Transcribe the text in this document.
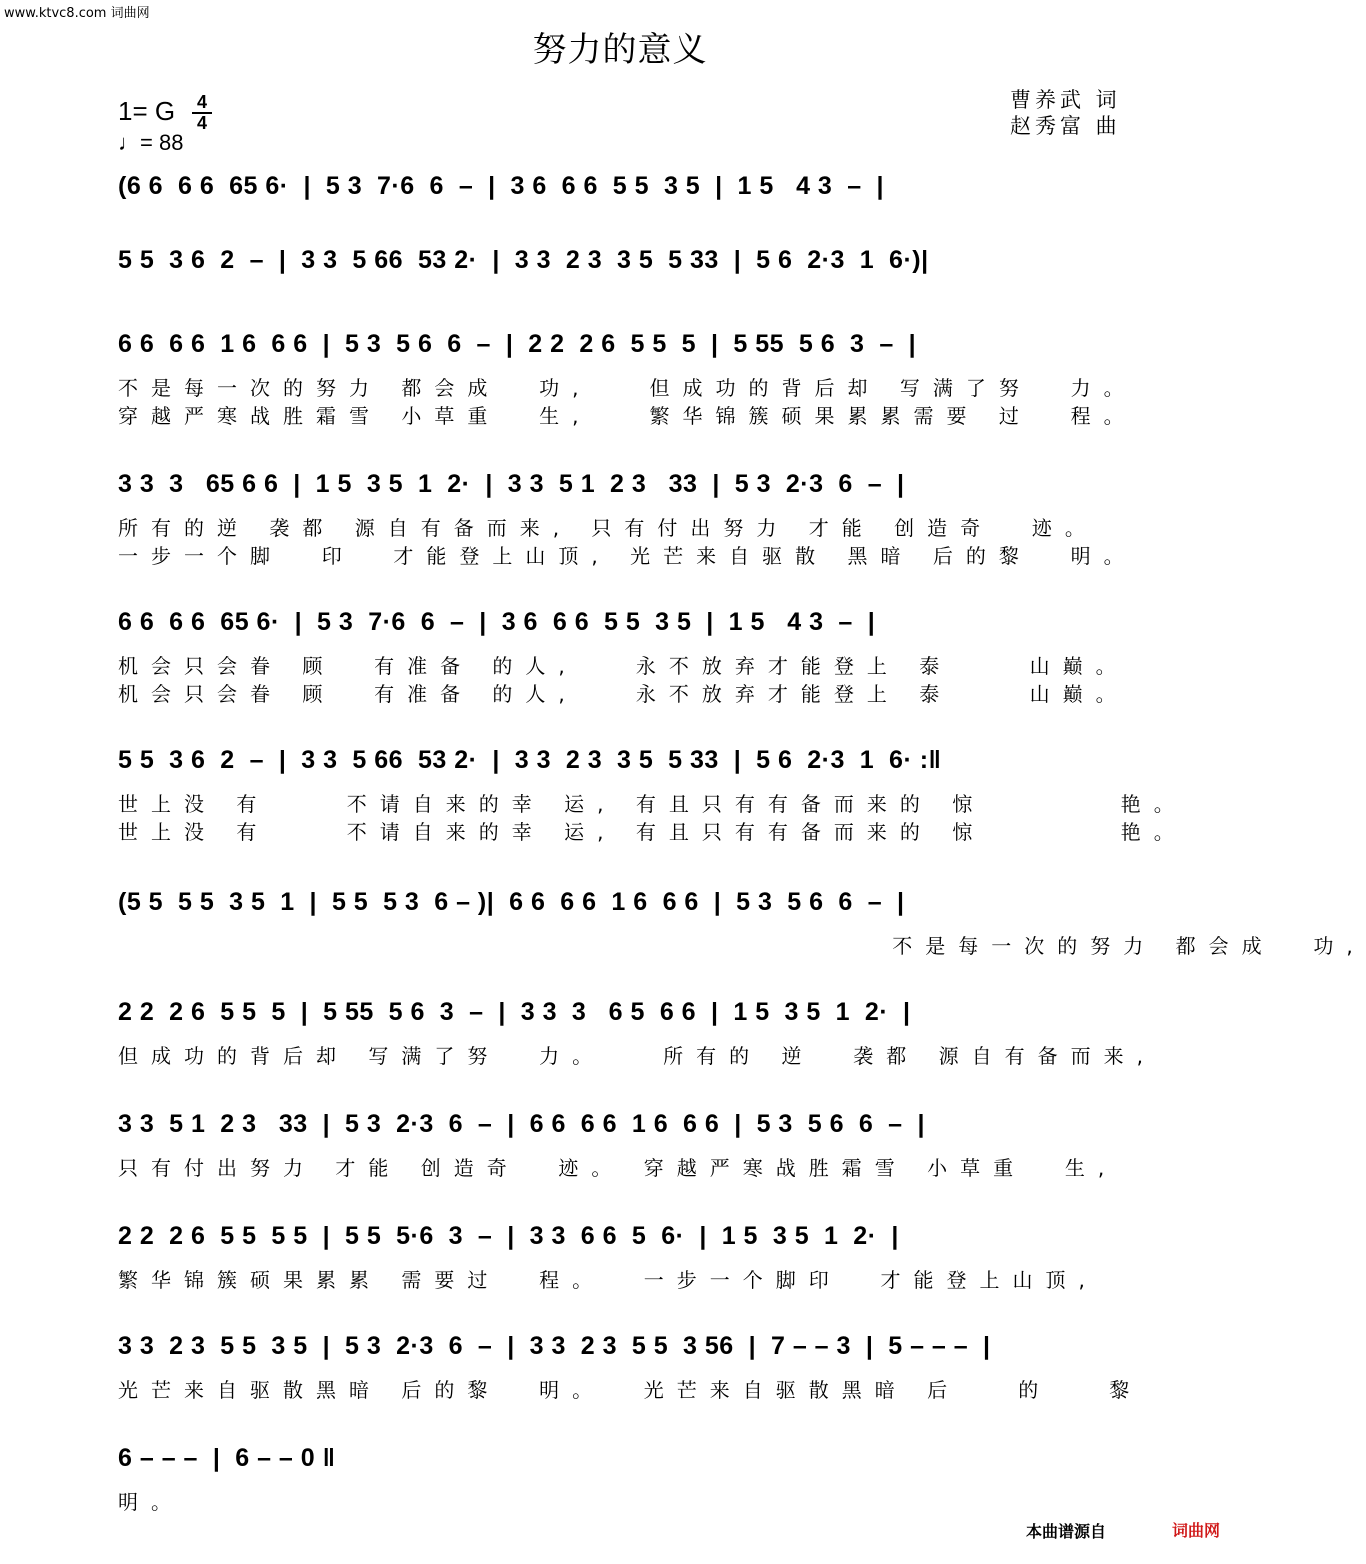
www.ktvc8.com 词曲网
努力的意义
1= G	4
4
♩= 88
曹养武 词
赵秀富 曲
(6 6  6 6  65 6·  |  5 3  7·6  6  –  |  3 6  6 6  5 5  3 5  |  1 5   4 3  –  |
5 5  3 6  2  –  |  3 3  5 66  53 2·  |  3 3  2 3  3 5  5 33  |  5 6  2·3  1  6·)|
6 6  6 6  1 6  6 6  |  5 3  5 6  6  –  |  2 2  2 6  5 5  5  |  5 55  5 6  3  –  |
不是每一次的努力 都会成  功,   但成功的背后却 写满了努  力。
穿越严寒战胜霜雪 小草重  生,   繁华锦簇硕果累累需要 过  程。
3 3  3   65 6 6  |  1 5  3 5  1  2·  |  3 3  5 1  2 3   33  |  5 3  2·3  6  –  |
所有的逆 袭都 源自有备而来, 只有付出努力 才能 创造奇  迹。
一步一个脚  印  才能登上山顶, 光芒来自驱散 黑暗 后的黎  明。
6 6  6 6  65 6·  |  5 3  7·6  6  –  |  3 6  6 6  5 5  3 5  |  1 5   4 3  –  |
机会只会眷 顾  有准备 的人,   永不放弃才能登上 泰    山巅。
机会只会眷 顾  有准备 的人,   永不放弃才能登上 泰    山巅。
5 5  3 6  2  –  |  3 3  5 66  53 2·  |  3 3  2 3  3 5  5 33  |  5 6  2·3  1  6· :‖
世上没 有    不请自来的幸 运, 有且只有有备而来的 惊       艳。
世上没 有    不请自来的幸 运, 有且只有有备而来的 惊       艳。
(5 5  5 5  3 5  1  |  5 5  5 3  6 – )|  6 6  6 6  1 6  6 6  |  5 3  5 6  6  –  |
不是每一次的努力 都会成  功,
2 2  2 6  5 5  5  |  5 55  5 6  3  –  |  3 3  3   6 5  6 6  |  1 5  3 5  1  2·  |
但成功的背后却 写满了努  力。   所有的 逆  袭都 源自有备而来,
3 3  5 1  2 3   33  |  5 3  2·3  6  –  |  6 6  6 6  1 6  6 6  |  5 3  5 6  6  –  |
只有付出努力 才能 创造奇  迹。 穿越严寒战胜霜雪 小草重  生,
2 2  2 6  5 5  5 5  |  5 5  5·6  3  –  |  3 3  6 6  5  6·  |  1 5  3 5  1  2·  |
繁华锦簇硕果累累 需要过  程。  一步一个脚印  才能登上山顶,
3 3  2 3  5 5  3 5  |  5 3  2·3  6  –  |  3 3  2 3  5 5  3 56  |  7 – – 3  |  5 – – –  |
光芒来自驱散黑暗 后的黎  明。  光芒来自驱散黑暗 后   的   黎
6 – – –  |  6 – – 0 ‖
明。
本曲谱源自	词曲网
